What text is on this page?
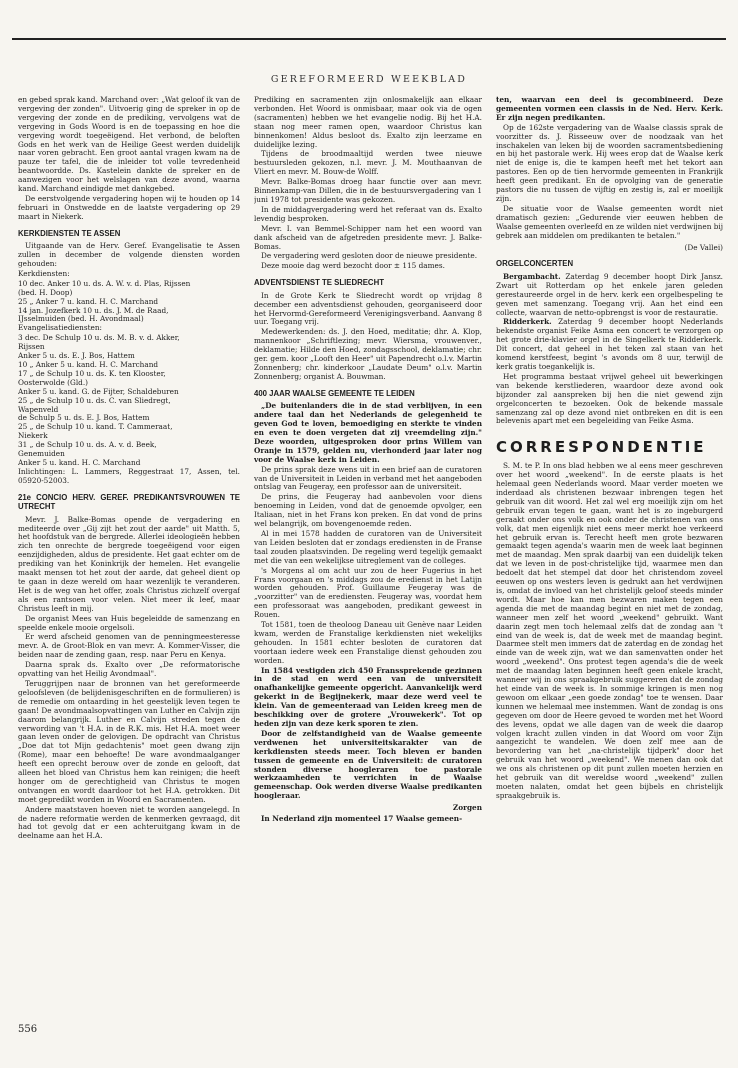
GEREFORMEERD WEEKBLAD

en gebed sprak kand. Marchand over: „Wat geloof ik van de vergeving der zonden". Uitvoerig ging de spreker in op de vergeving der zonde en de prediking, vervolgens wat de vergeving in Gods Woord is en de toepassing en hoe die vergeving wordt toegeëigend. Het verbond, de beloften Gods en het werk van de Heilige Geest werden duidelijk naar voren gebracht. Een groot aantal vragen kwam na de pauze ter tafel, die de inleider tot volle tevredenheid beantwoordde. Ds. Kastelein dankte de spreker en de aanwezigen voor het welslagen van deze avond, waarna kand. Marchand eindigde met dankgebed.

De eerstvolgende vergadering hopen wij te houden op 14 februari in Onstwedde en de laatste vergadering op 29 maart in Niekerk.

KERKDIENSTEN TE ASSEN

Uitgaande van de Herv. Geref. Evangelisatie te Assen zullen in december de volgende diensten worden gehouden:

Kerkdiensten:

10 dec. Anker 10 u. ds. A. W. v. d. Plas, Rijssen
(bed. H. Doop)
25 „ Anker 7 u. kand. H. C. Marchand
14 jan. Jozefkerk 10 u. ds. J. M. de Raad,
IJsselmuiden (bed. H. Avondmaal)

Evangelisatiediensten:

3 dec. De Schulp 10 u. ds. M. B. v. d. Akker,
Rijssen
Anker 5 u. ds. E. J. Bos, Hattem
10 „ Anker 5 u. kand. H. C. Marchand
17 „ de Schulp 10 u. ds. K. ten Klooster,
Oosterwolde (Gld.)
Anker 5 u. kand. G. de Fijter, Schaldeburen
25 „ de Schulp 10 u. ds. C. van Sliedregt,
Wapenveld
de Schulp 5 u. ds. E. J. Bos, Hattem
25 „ de Schulp 10 u. kand. T. Cammeraat,
Niekerk
31 „ de Schulp 10 u. ds. A. v. d. Beek,
Genemuiden
Anker 5 u. kand. H. C. Marchand

Inlichtingen: L. Lammers, Reggestraat 17, Assen, tel. 05920-52003.

21e CONCIO HERV. GEREF. PREDIKANTSVROUWEN TE UTRECHT

Mevr. J. Balke-Bomas opende de vergadering en mediteerde over „Gij zijt het zout der aarde" uit Matth. 5, het hoofdstuk van de bergrede. Allerlei ideologieën hebben zich ten onrechte de bergrede toegeëigend voor eigen eenzijdigheden, aldus de presidente. Het gaat echter om de prediking van het Koninkrijk der hemelen. Het evangelie maakt mensen tot het zout der aarde, dat geheel dient op te gaan in deze wereld om haar wezenlijk te veranderen. Het is de weg van het offer, zoals Christus zichzelf overgaf als een rantsoen voor velen. Niet meer ik leef, maar Christus leeft in mij.

De organist Mees van Huis begeleidde de samenzang en speelde enkele mooie orgelsoli.

Er werd afscheid genomen van de penningmeesteresse mevr. A. de Groot-Blok en van mevr. A. Kommer-Visser, die beiden naar de zending gaan, resp. naar Peru en Kenya.

Daarna sprak ds. Exalto over „De reformatorische opvatting van het Heilig Avondmaal".

Teruggrijpen naar de bronnen van het gereformeerde geloofsleven (de belijdenisgeschriften en de formulieren) is de remedie om ontaarding in het geestelijk leven tegen te gaan! De avondmaalsopvattingen van Luther en Calvijn zijn daarom belangrijk. Luther en Calvijn streden tegen de verwording van 't H.A. in de R.K. mis. Het H.A. moet weer gaan leven onder de gelovigen. De opdracht van Christus „Doe dat tot Mijn gedachtenis" moet geen dwang zijn (Rome), maar een behoefte! De ware avondmaalganger heeft een oprecht berouw over de zonde en gelooft, dat alleen het bloed van Christus hem kan reinigen; die heeft honger om de gerechtigheid van Christus te mogen ontvangen en wordt daardoor tot het H.A. getrokken. Dit moet gepredikt worden in Woord en Sacramenten.

Andere maatstaven hoeven niet te worden aangelegd. In de nadere reformatie werden de kenmerken gevraagd, dit had tot gevolg dat er een achteruitgang kwam in de deelname aan het H.A.

Prediking en sacramenten zijn onlosmakelijk aan elkaar verbonden. Het Woord is onmisbaar, maar ook via de ogen (sacramenten) hebben we het evangelie nodig. Bij het H.A. staan nog meer ramen open, waardoor Christus kan binnenkomen! Aldus besloot ds. Exalto zijn leerzame en duidelijke lezing.

Tijdens de broodmaaltijd werden twee nieuwe bestuursleden gekozen, n.l. mevr. J. M. Mouthaanvan de Vliert en mevr. M. Bouw-de Wolff.

Mevr. Balke-Bomas droeg haar functie over aan mevr. Binnenkamp-van Dillen, die in de bestuursvergadering van 1 juni 1978 tot presidente was gekozen.

In de middagvergadering werd het referaat van ds. Exalto levendig besproken.

Mevr. I. van Bemmel-Schipper nam het een woord van dank afscheid van de afgetreden presidente mevr. J. Balke-Bomas.

De vergadering werd gesloten door de nieuwe presidente.

Deze mooie dag werd bezocht door ± 115 dames.

ADVENTSDIENST TE SLIEDRECHT

In de Grote Kerk te Sliedrecht wordt op vrijdag 8 december een adventsdienst gehouden, georganiseerd door het Hervormd-Gereformeerd Verenigingsverband. Aanvang 8 uur. Toegang vrij.

Medewerkenden: ds. J. den Hoed, meditatie; dhr. A. Klop, mannenkoor „Schriftlezing; mevr. Wiersma, vrouwenver., deklamatie; Hilde den Hoed, zondagsschool, deklamatie; chr. ger. gem. koor „Looft den Heer" uit Papendrecht o.l.v. Martin Zonnenberg; chr. kinderkoor „Laudate Deum" o.l.v. Martin Zonnenberg; organist A. Bouwman.

400 JAAR WAALSE GEMEENTE TE LEIDEN

„De buitenlanders die in de stad verblijven, in een andere taal dan het Nederlands de gelegenheid te geven God te loven, bemoediging en sterkte te vinden en even te doen vergeten dat zij vreemdeling zijn." Deze woorden, uitgesproken door prins Willem van Oranje in 1579, gelden nu, vierhonderd jaar later nog voor de Waalse kerk in Leiden.

De prins sprak deze wens uit in een brief aan de curatoren van de Universiteit in Leiden in verband met het aangeboden ontslag van Feugeray, een professor aan de universiteit.

De prins, die Feugeray had aanbevolen voor diens benoeming in Leiden, vond dat de genoemde opvolger, een Italiaan, niet in het Frans kon preken. En dat vond de prins wel belangrijk, om bovengenoemde reden.

Al in mei 1578 hadden de curatoren van de Universiteit van Leiden besloten dat er zondags erediensten in de Franse taal zouden plaatsvinden. De regeling werd tegelijk gemaakt met die van een wekelijkse uitreglement van de colleges.

's Morgens al om acht uur zou de heer Fugerius in het Frans voorgaan en 's middags zou de eredienst in het Latijn worden gehouden. Prof. Guillaume Feugeray was de „voorzitter" van de erediensten. Feugeray was, voordat hem een professoraat was aangeboden, predikant geweest in Rouen.

Tot 1581, toen de theoloog Daneau uit Genève naar Leiden kwam, werden de Franstalige kerkdiensten niet wekelijks gehouden. In 1581 echter besloten de curatoren dat voortaan iedere week een Franstalige dienst gehouden zou worden.

In 1584 vestigden zich 450 Franssprekende gezinnen in de stad en werd een van de universiteit onafhankelijke gemeente opgericht. Aanvankelijk werd gekerkt in de Begijnekerk, maar deze werd veel te klein. Van de gemeenteraad van Leiden kreeg men de beschikking over de grotere „Vrouwekerk". Tot op heden zijn van deze kerk sporen te zien.

Door de zelfstandigheid van de Waalse gemeente verdwenen het universiteitskarakter van de kerkdiensten steeds meer. Toch bleven er banden tussen de gemeente en de Universiteit: de curatoren stonden diverse hoogleraren toe pastorale werkzaamheden te verrichten in de Waalse gemeenschap. Ook werden diverse Waalse predikanten hoogleraar.

Zorgen

In Nederland zijn momenteel 17 Waalse gemeen-

ten, waarvan een deel is gecombineerd. Deze gemeenten vormen een classis in de Ned. Herv. Kerk. Er zijn negen predikanten.

Op de 162ste vergadering van de Waalse classis sprak de voorzitter ds. J. Risseeuw over de noodzaak van het inschakelen van leken bij de woorden sacramentsbediening en bij het pastorale werk. Hij wees erop dat de Waalse kerk niet de enige is, die te kampen heeft met het tekort aan pastores. Een op de tien hervormde gemeenten in Frankrijk heeft geen predikant. En de opvolging van de generatie pastors die nu tussen de vijftig en zestig is, zal er moeilijk zijn.

De situatie voor de Waalse gemeenten wordt niet dramatisch gezien: „Gedurende vier eeuwen hebben de Waalse gemeenten overleefd en ze wilden niet verdwijnen bij gebrek aan middelen om predikanten te betalen."

(De Vallei)
ORGELCONCERTEN

Bergambacht. Zaterdag 9 december hoopt Dirk Jansz. Zwart uit Rotterdam op het enkele jaren geleden gerestaureerde orgel in de herv. kerk een orgelbespeling te geven met samenzang. Toegang vrij. Aan het eind een collecte, waarvan de netto-opbrengst is voor de restauratie.

Ridderkerk. Zaterdag 9 december hoopt Nederlands bekendste organist Feike Asma een concert te verzorgen op het grote drie-klavier orgel in de Singelkerk te Ridderkerk. Dit concert, dat geheel in het teken zal staan van het komend kerstfeest, begint 's avonds om 8 uur, terwijl de kerk gratis toegankelijk is.

Het programma bestaat vrijwel geheel uit bewerkingen van bekende kerstliederen, waardoor deze avond ook bijzonder zal aanspreken bij hen die niet gewend zijn orgelconcerten te bezoeken. Ook de bekende massale samenzang zal op deze avond niet ontbreken en dit is een belevenis apart met een begeleiding van Feike Asma.

CORRESPONDENTIE

S. M. te P. In ons blad hebben we al eens meer geschreven over het woord „weekend". In de eerste plaats is het helemaal geen Nederlands woord. Maar verder moeten we inderdaad als christenen bezwaar inbrengen tegen het gebruik van dit woord. Het zal wel erg moeilijk zijn om het gebruik ervan tegen te gaan, want het is zo ingeburgerd geraakt onder ons volk en ook onder de christenen van ons volk, dat men eigenlijk niet eens meer merkt hoe verkeerd het gebruik ervan is. Terecht heeft men grote bezwaren gemaakt tegen agenda's waarin men de week laat beginnen met de maandag. Men sprak daarbij van een duidelijk teken dat we leven in de post-christelijke tijd, waarmee men dan bedoelt dat het stempel dat door het christendom zoveel eeuwen op ons westers leven is gedrukt aan het verdwijnen is, omdat de invloed van het christelijk geloof steeds minder wordt. Maar hoe kan men bezwaren maken tegen een agenda die met de maandag begint en niet met de zondag, wanneer men zelf het woord „weekend" gebruikt. Want daarin zegt men toch helemaal zelfs dat de zondag aan 't eind van de week is, dat de week met de maandag begint. Daarmee stelt men immers dat de zaterdag en de zondag het einde van de week zijn, wat we dan samenvatten onder het woord „weekend". Ons protest tegen agenda's die de week met de maandag laten beginnen heeft geen enkele kracht, wanneer wij in ons spraakgebruik suggereren dat de zondag het einde van de week is. In sommige kringen is men nog gewoon om elkaar „een goede zondag" toe te wensen. Daar kunnen we helemaal mee instemmen. Want de zondag is ons gegeven om door de Heere gevoed te worden met het Woord des levens, opdat we alle dagen van de week die daarop volgen kracht zullen vinden in dat Woord om voor Zijn aangezicht te wandelen. We doen zelf mee aan de bevordering van het „na-christelijk tijdperk" door het gebruik van het woord „weekend". We menen dan ook dat we ons als christenen op dit punt zullen moeten herzien en het gebruik van dit wereldse woord „weekend" zullen moeten nalaten, omdat het geen bijbels en christelijk spraakgebruik is.

556
